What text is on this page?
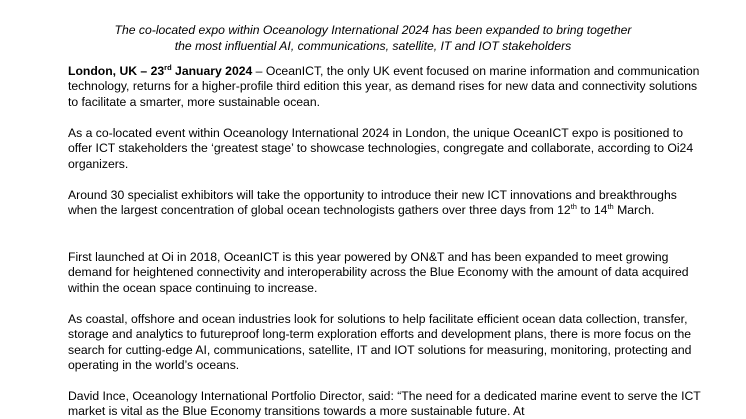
The co-located expo within Oceanology International 2024 has been expanded to bring together
the most influential AI, communications, satellite, IT and IOT stakeholders

London, UK – 23rd January 2024 – OceanICT, the only UK event focused on marine information and communication technology, returns for a higher-profile third edition this year, as demand rises for new data and connectivity solutions to facilitate a smarter, more sustainable ocean.

As a co-located event within Oceanology International 2024 in London, the unique OceanICT expo is positioned to offer ICT stakeholders the ‘greatest stage’ to showcase technologies, congregate and collaborate, according to Oi24 organizers.

Around 30 specialist exhibitors will take the opportunity to introduce their new ICT innovations and breakthroughs when the largest concentration of global ocean technologists gathers over three days from 12th to 14th March.

First launched at Oi in 2018, OceanICT is this year powered by ON&T and has been expanded to meet growing demand for heightened connectivity and interoperability across the Blue Economy with the amount of data acquired within the ocean space continuing to increase.

As coastal, offshore and ocean industries look for solutions to help facilitate efficient ocean data collection, transfer, storage and analytics to futureproof long-term exploration efforts and development plans, there is more focus on the search for cutting-edge AI, communications, satellite, IT and IOT solutions for measuring, monitoring, protecting and operating in the world’s oceans.

David Ince, Oceanology International Portfolio Director, said: “The need for a dedicated marine event to serve the ICT market is vital as the Blue Economy transitions towards a more sustainable future. At
